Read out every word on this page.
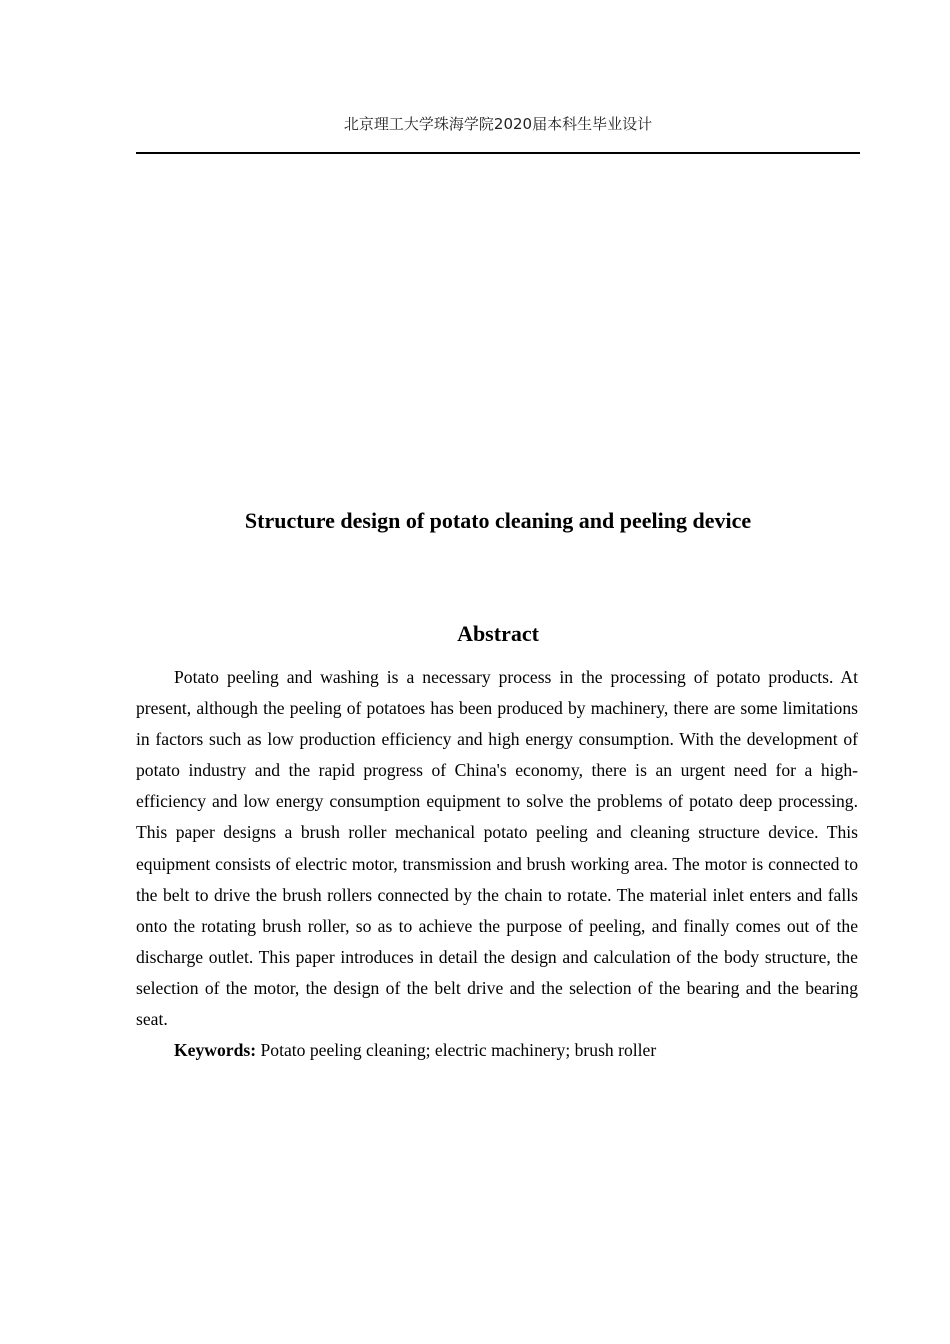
北京理工大学珠海学院2020届本科生毕业设计
Structure design of potato cleaning and peeling device
Abstract

Potato peeling and washing is a necessary process in the processing of potato products. At present, although the peeling of potatoes has been produced by machinery, there are some limitations in factors such as low production efficiency and high energy consumption. With the development of potato industry and the rapid progress of China's economy, there is an urgent need for a high-efficiency and low energy consumption equipment to solve the problems of potato deep processing. This paper designs a brush roller mechanical potato peeling and cleaning structure device. This equipment consists of electric motor, transmission and brush working area. The motor is connected to the belt to drive the brush rollers connected by the chain to rotate. The material inlet enters and falls onto the rotating brush roller, so as to achieve the purpose of peeling, and finally comes out of the discharge outlet. This paper introduces in detail the design and calculation of the body structure, the selection of the motor, the design of the belt drive and the selection of the bearing and the bearing seat.

Keywords: Potato peeling cleaning; electric machinery; brush roller
